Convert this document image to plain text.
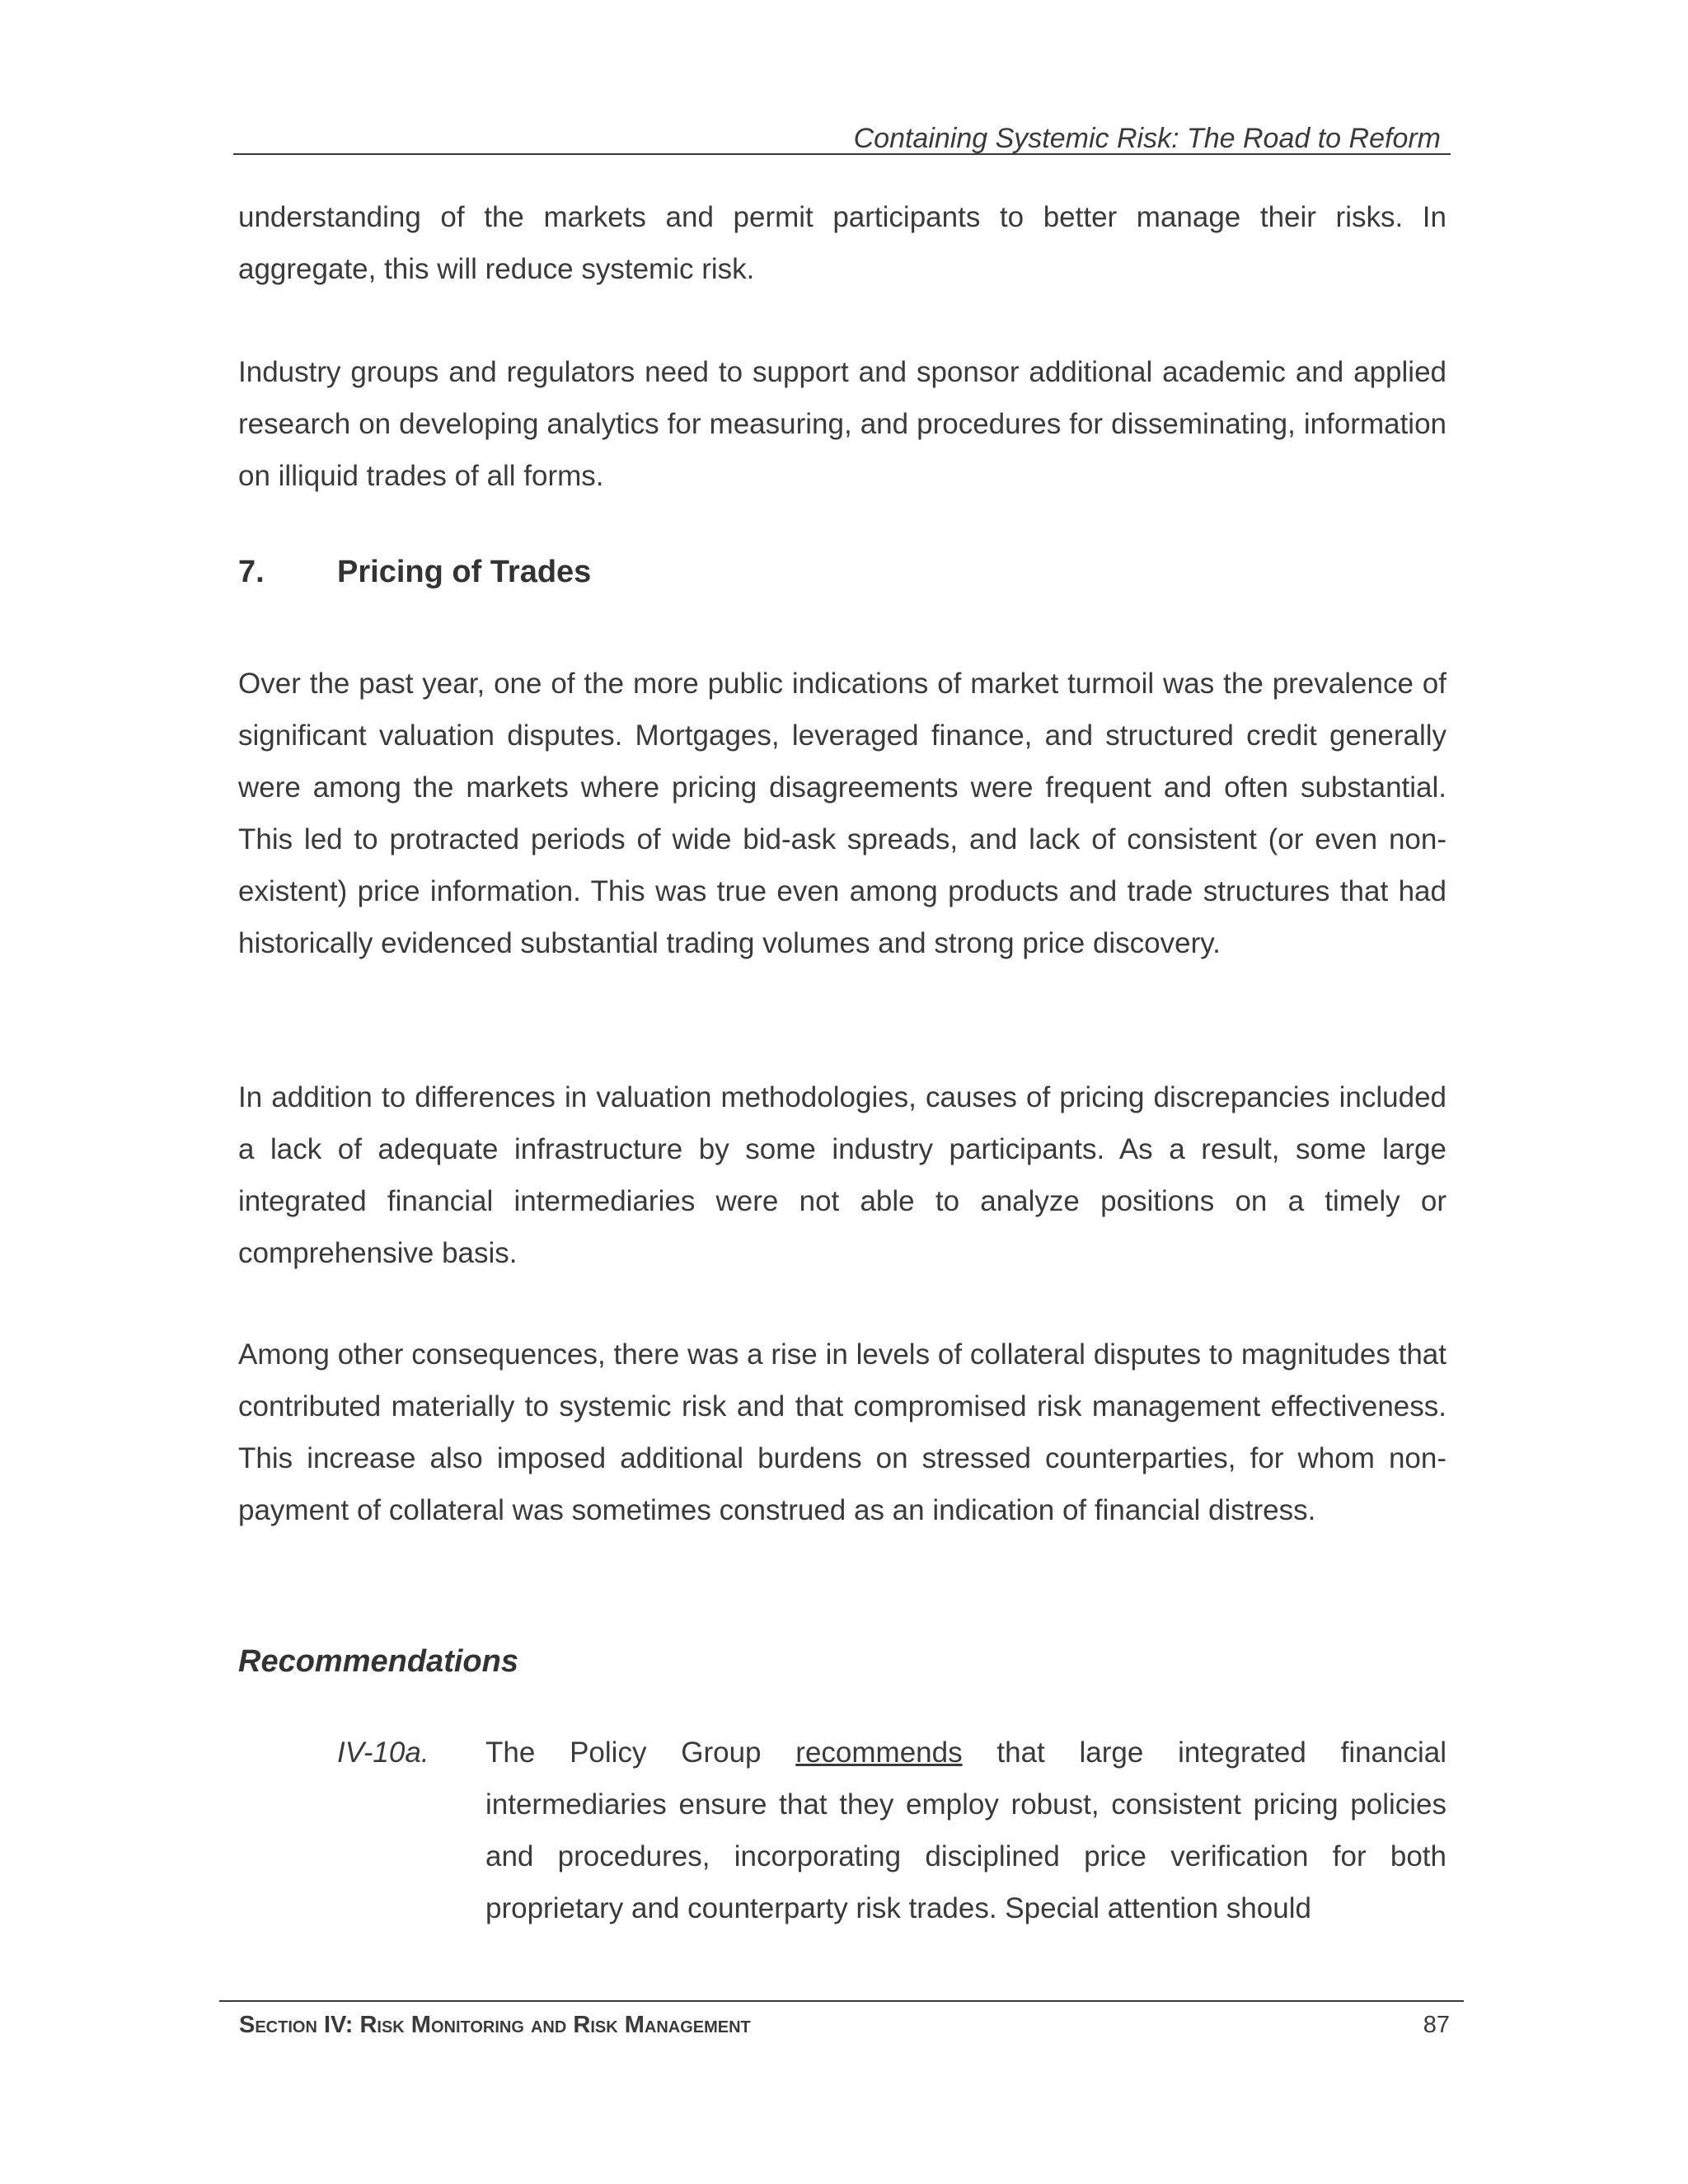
Containing Systemic Risk: The Road to Reform

understanding of the markets and permit participants to better manage their risks. In aggregate, this will reduce systemic risk.

Industry groups and regulators need to support and sponsor additional academic and applied research on developing analytics for measuring, and procedures for disseminating, information on illiquid trades of all forms.

7. Pricing of Trades

Over the past year, one of the more public indications of market turmoil was the prevalence of significant valuation disputes. Mortgages, leveraged finance, and structured credit generally were among the markets where pricing disagreements were frequent and often substantial. This led to protracted periods of wide bid-ask spreads, and lack of consistent (or even non-existent) price information. This was true even among products and trade structures that had historically evidenced substantial trading volumes and strong price discovery.

In addition to differences in valuation methodologies, causes of pricing discrepancies included a lack of adequate infrastructure by some industry participants. As a result, some large integrated financial intermediaries were not able to analyze positions on a timely or comprehensive basis.

Among other consequences, there was a rise in levels of collateral disputes to magnitudes that contributed materially to systemic risk and that compromised risk management effectiveness. This increase also imposed additional burdens on stressed counterparties, for whom non-payment of collateral was sometimes construed as an indication of financial distress.

Recommendations
IV-10a. The Policy Group recommends that large integrated financial intermediaries ensure that they employ robust, consistent pricing policies and procedures, incorporating disciplined price verification for both proprietary and counterparty risk trades. Special attention should
Section IV: Risk Monitoring and Risk Management	87
